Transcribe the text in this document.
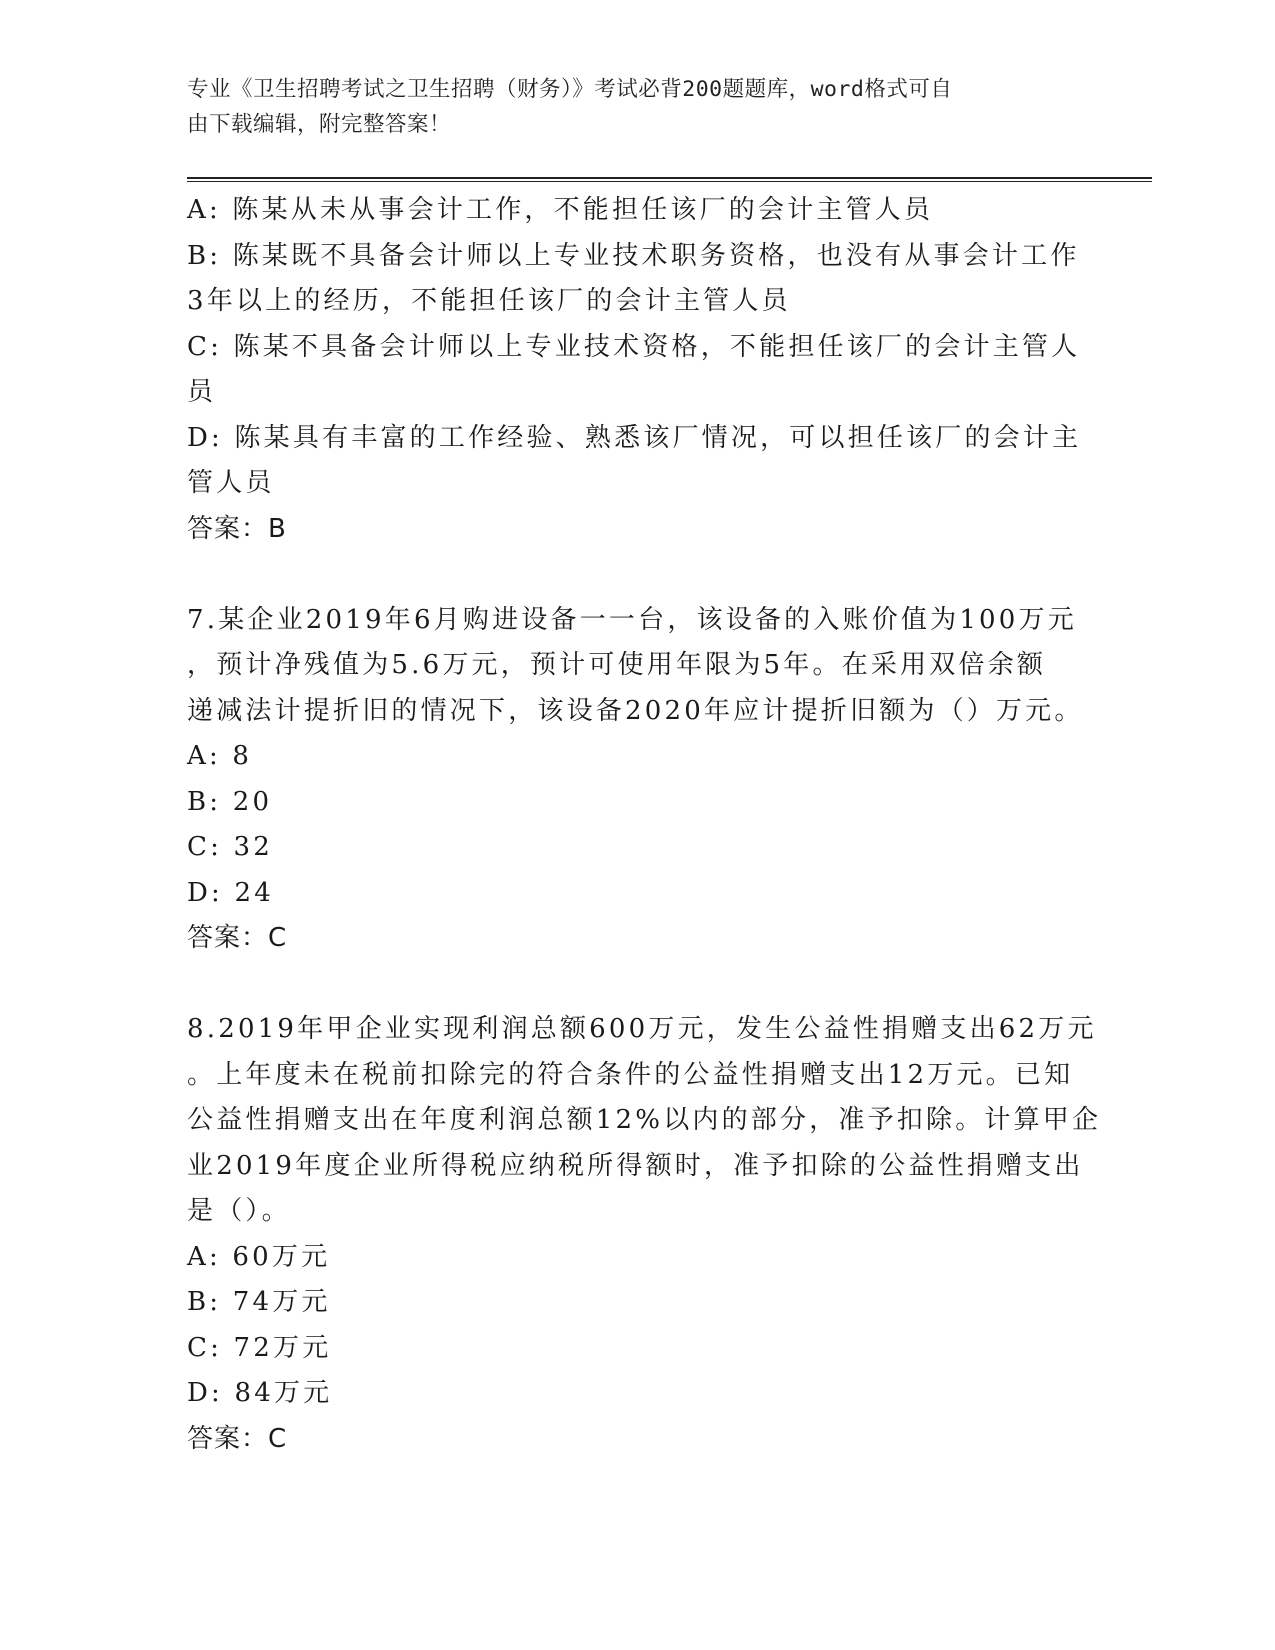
专业《卫生招聘考试之卫生招聘（财务）》考试必背200题题库，word格式可自
由下载编辑，附完整答案！
A: 陈某从未从事会计工作，不能担任该厂的会计主管人员
B: 陈某既不具备会计师以上专业技术职务资格，也没有从事会计工作
3年以上的经历，不能担任该厂的会计主管人员
C: 陈某不具备会计师以上专业技术资格，不能担任该厂的会计主管人
员
D: 陈某具有丰富的工作经验、熟悉该厂情况，可以担任该厂的会计主
管人员
答案：B
7.某企业2019年6月购进设备一一台，该设备的入账价值为100万元
，预计净残值为5.6万元，预计可使用年限为5年。在采用双倍余额
递减法计提折旧的情况下，该设备2020年应计提折旧额为（）万元。
A: 8
B: 20
C: 32
D: 24
答案：C
8.2019年甲企业实现利润总额600万元，发生公益性捐赠支出62万元
。上年度未在税前扣除完的符合条件的公益性捐赠支出12万元。已知
公益性捐赠支出在年度利润总额12%以内的部分，准予扣除。计算甲企
业2019年度企业所得税应纳税所得额时，准予扣除的公益性捐赠支出
是（）。
A: 60万元
B: 74万元
C: 72万元
D: 84万元
答案：C
